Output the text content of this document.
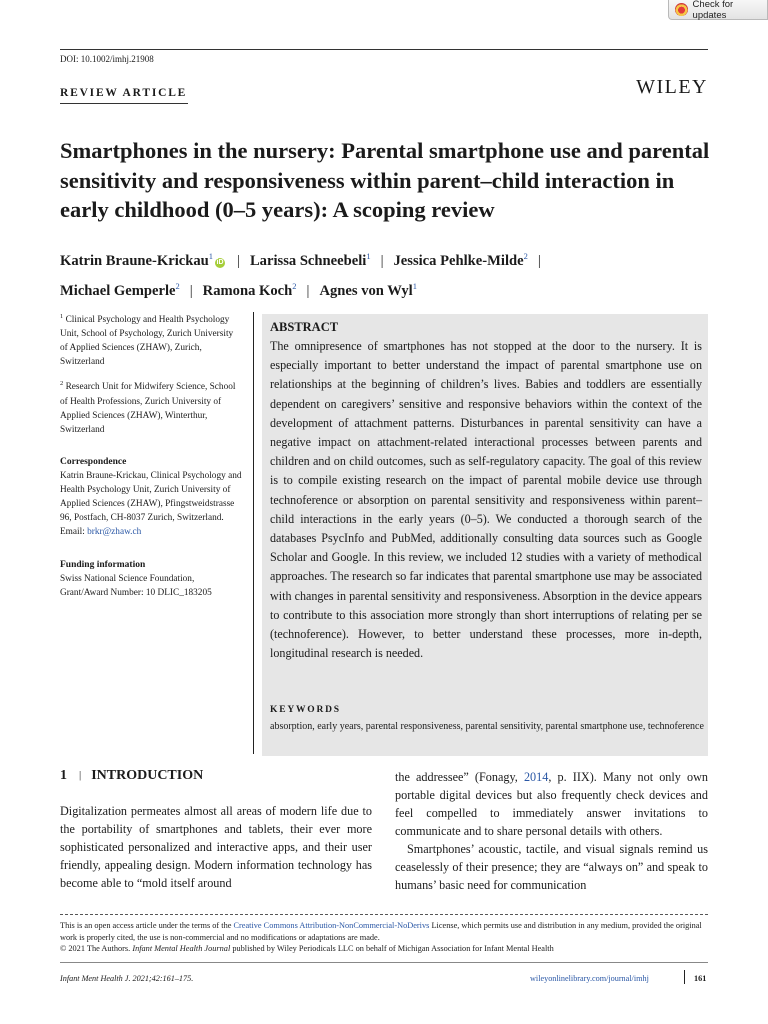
Check for updates
DOI: 10.1002/imhj.21908
REVIEW ARTICLE	WILEY
Smartphones in the nursery: Parental smartphone use and parental sensitivity and responsiveness within parent–child interaction in early childhood (0–5 years): A scoping review
Katrin Braune-Krickau$^1$iD | Larissa Schneebeli$^1$ | Jessica Pehlke-Milde$^2$ |
Michael Gemperle$^2$ | Ramona Koch$^2$ | Agnes von Wyl$^1$
$^1$ Clinical Psychology and Health Psychology Unit, School of Psychology, Zurich University of Applied Sciences (ZHAW), Zurich, Switzerland
$^2$ Research Unit for Midwifery Science, School of Health Professions, Zurich University of Applied Sciences (ZHAW), Winterthur, Switzerland
Correspondence
Katrin Braune-Krickau, Clinical Psychology and Health Psychology Unit, Zurich University of Applied Sciences (ZHAW), Pfingstweidstrasse 96, Postfach, CH-8037 Zurich, Switzerland.
Email: brkr@zhaw.ch
Funding information
Swiss National Science Foundation, Grant/Award Number: 10 DLIC_183205
ABSTRACT
The omnipresence of smartphones has not stopped at the door to the nursery. It is especially important to better understand the impact of parental smartphone use on relationships at the beginning of children’s lives. Babies and toddlers are essentially dependent on caregivers’ sensitive and responsive behaviors within the context of the development of attachment patterns. Disturbances in parental sensitivity can have a negative impact on attachment-related interactional processes between parents and children and on child outcomes, such as self-regulatory capacity. The goal of this review is to compile existing research on the impact of parental mobile device use through technoference or absorption on parental sensitivity and responsiveness within parent–child interactions in the early years (0–5). We conducted a thorough search of the databases PsycInfo and PubMed, additionally consulting data sources such as Google Scholar and Google. In this review, we included 12 studies with a variety of methodical approaches. The research so far indicates that parental smartphone use may be associated with changes in parental sensitivity and responsiveness. Absorption in the device appears to contribute to this association more strongly than short interruptions of relating per se (technoference). However, to better understand these processes, more in-depth, longitudinal research is needed.
KEYWORDS
absorption, early years, parental responsiveness, parental sensitivity, parental smartphone use, technoference
1 | INTRODUCTION
Digitalization permeates almost all areas of modern life due to the portability of smartphones and tablets, their ever more sophisticated personalized and interactive apps, and their user friendly, appealing design. Modern information technology has become able to “mold itself around

the addressee” (Fonagy, 2014, p. IIX). Many not only own portable digital devices but also frequently check devices and feel compelled to immediately answer invitations to communicate and to share personal details with others.

Smartphones’ acoustic, tactile, and visual signals remind us ceaselessly of their presence; they are “always on” and speak to humans’ basic need for communication

This is an open access article under the terms of the Creative Commons Attribution-NonCommercial-NoDerivs License, which permits use and distribution in any medium, provided the original work is properly cited, the use is non-commercial and no modifications or adaptations are made.
© 2021 The Authors. Infant Mental Health Journal published by Wiley Periodicals LLC on behalf of Michigan Association for Infant Mental Health
Infant Ment Health J. 2021;42:161–175.	wileyonlinelibrary.com/journal/imhj	161
